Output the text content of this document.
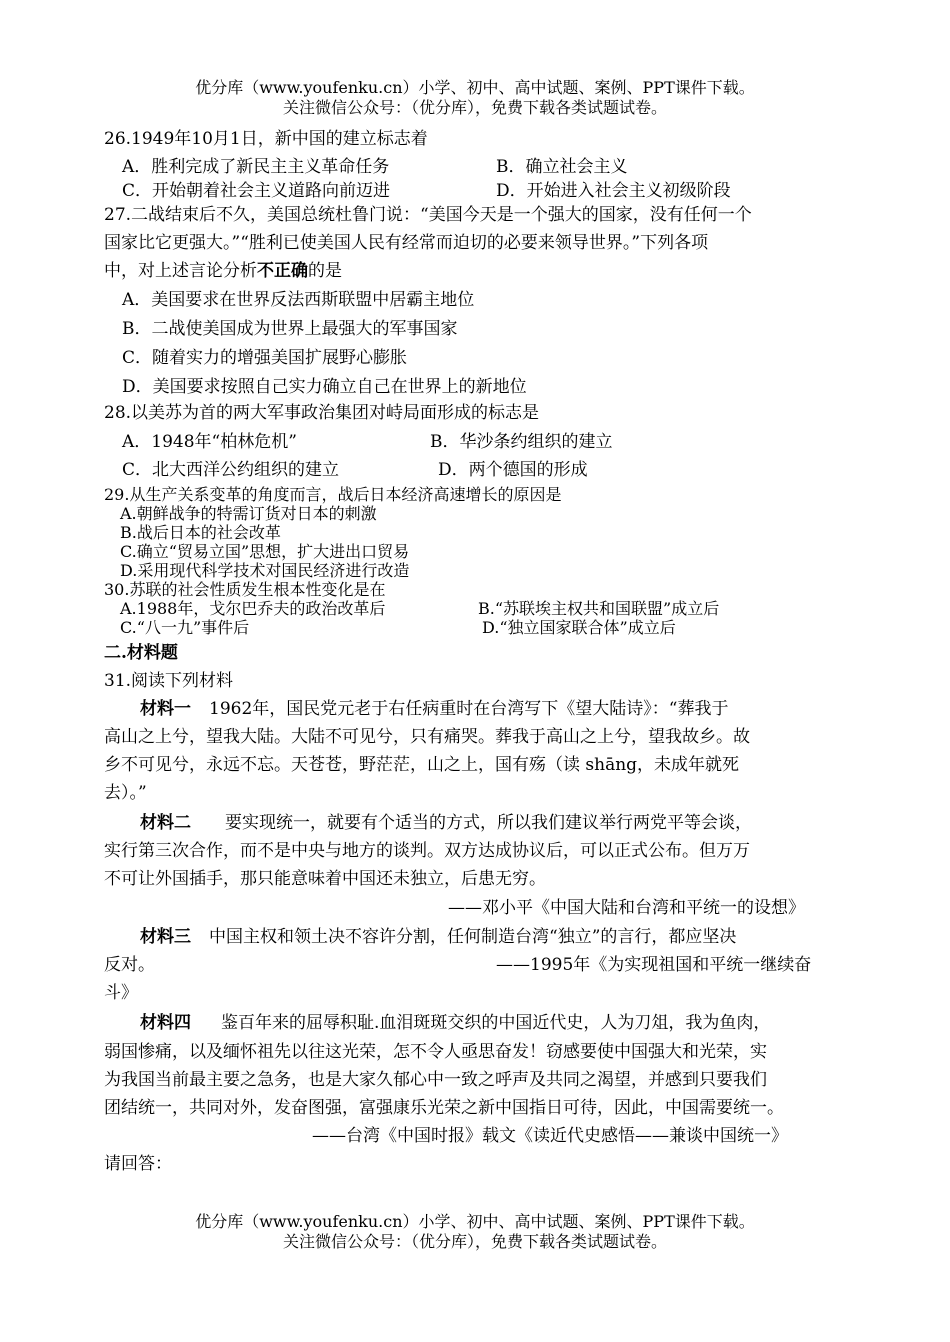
优分库（www.youfenku.cn）小学、初中、高中试题、案例、PPT课件下载。
关注微信公众号：（优分库），免费下载各类试题试卷。
26.1949年10月1日，新中国的建立标志着
A．胜利完成了新民主主义革命任务	B．确立社会主义
C．开始朝着社会主义道路向前迈进	D．开始进入社会主义初级阶段
27.二战结束后不久，美国总统杜鲁门说：“美国今天是一个强大的国家，没有任何一个
国家比它更强大。”“胜利已使美国人民有经常而迫切的必要来领导世界。”下列各项
中，对上述言论分析不正确的是
A．美国要求在世界反法西斯联盟中居霸主地位
B．二战使美国成为世界上最强大的军事国家
C．随着实力的增强美国扩展野心膨胀
D．美国要求按照自己实力确立自己在世界上的新地位
28.以美苏为首的两大军事政治集团对峙局面形成的标志是
A．1948年“柏林危机”	B．华沙条约组织的建立
C．北大西洋公约组织的建立	D．两个德国的形成
29.从生产关系变革的角度而言，战后日本经济高速增长的原因是
A.朝鲜战争的特需订货对日本的刺激
B.战后日本的社会改革
C.确立“贸易立国”思想，扩大进出口贸易
D.采用现代科学技术对国民经济进行改造
30.苏联的社会性质发生根本性变化是在
A.1988年，戈尔巴乔夫的政治改革后	B.“苏联埃主权共和国联盟”成立后
C.“八一九”事件后	D.“独立国家联合体”成立后
二.材料题
31.阅读下列材料
材料一 1962年，国民党元老于右任病重时在台湾写下《望大陆诗》：“葬我于
高山之上兮，望我大陆。大陆不可见兮，只有痛哭。葬我于高山之上兮，望我故乡。故
乡不可见兮，永远不忘。天苍苍，野茫茫，山之上，国有殇（读 shāng，未成年就死
去）。”
材料二 要实现统一，就要有个适当的方式，所以我们建议举行两党平等会谈，
实行第三次合作，而不是中央与地方的谈判。双方达成协议后，可以正式公布。但万万
不可让外国插手，那只能意味着中国还未独立，后患无穷。
——邓小平《中国大陆和台湾和平统一的设想》
材料三 中国主权和领土决不容许分割，任何制造台湾“独立”的言行，都应坚决
反对。	——1995年《为实现祖国和平统一继续奋
斗》
材料四 鉴百年来的屈辱积耻.血泪斑斑交织的中国近代史，人为刀俎，我为鱼肉，
弱国惨痛，以及缅怀祖先以往这光荣，怎不令人亟思奋发！窃感要使中国强大和光荣，实
为我国当前最主要之急务，也是大家久郁心中一致之呼声及共同之渴望，并感到只要我们
团结统一，共同对外，发奋图强，富强康乐光荣之新中国指日可待，因此，中国需要统一。
——台湾《中国时报》载文《读近代史感悟——兼谈中国统一》
请回答：
优分库（www.youfenku.cn）小学、初中、高中试题、案例、PPT课件下载。
关注微信公众号：（优分库），免费下载各类试题试卷。
